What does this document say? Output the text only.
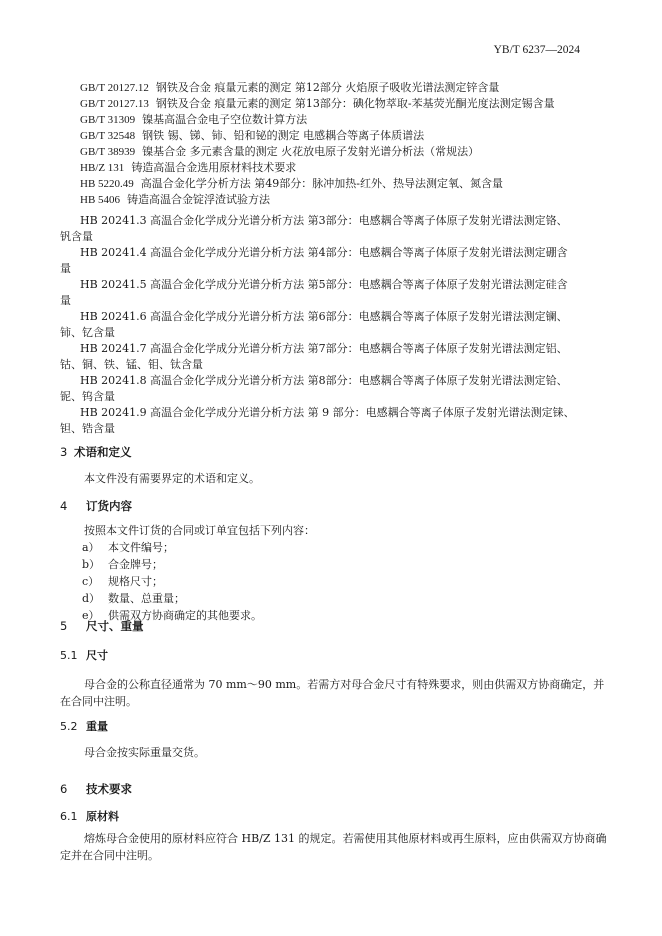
YB/T 6237—2024
GB/T 20127.12 钢铁及合金 痕量元素的测定 第12部分 火焰原子吸收光谱法测定锌含量
GB/T 20127.13 钢铁及合金 痕量元素的测定 第13部分：碘化物萃取-苯基荧光酮光度法测定锡含量
GB/T 31309 镍基高温合金电子空位数计算方法
GB/T 32548 钢铁 锡、锑、铈、铅和铋的测定 电感耦合等离子体质谱法
GB/T 38939 镍基合金 多元素含量的测定 火花放电原子发射光谱分析法（常规法）
HB/Z 131 铸造高温合金选用原材料技术要求
HB 5220.49 高温合金化学分析方法 第49部分：脉冲加热-红外、热导法测定氧、氮含量
HB 5406 铸造高温合金锭浮渣试验方法
HB 20241.3 高温合金化学成分光谱分析方法 第3部分：电感耦合等离子体原子发射光谱法测定铬、
钒含量
HB 20241.4 高温合金化学成分光谱分析方法 第4部分：电感耦合等离子体原子发射光谱法测定硼含
量
HB 20241.5 高温合金化学成分光谱分析方法 第5部分：电感耦合等离子体原子发射光谱法测定硅含
量
HB 20241.6 高温合金化学成分光谱分析方法 第6部分：电感耦合等离子体原子发射光谱法测定镧、
铈、钇含量
HB 20241.7 高温合金化学成分光谱分析方法 第7部分：电感耦合等离子体原子发射光谱法测定铝、
钴、铜、铁、锰、钼、钛含量
HB 20241.8 高温合金化学成分光谱分析方法 第8部分：电感耦合等离子体原子发射光谱法测定铪、
铌、钨含量
HB 20241.9 高温合金化学成分光谱分析方法 第 9 部分：电感耦合等离子体原子发射光谱法测定铼、
钽、锆含量
3 术语和定义
本文件没有需要界定的术语和定义。
4 订货内容
按照本文件订货的合同或订单宜包括下列内容：
a） 本文件编号；
b） 合金牌号；
c） 规格尺寸；
d） 数量、总重量；
e） 供需双方协商确定的其他要求。
5 尺寸、重量
5.1 尺寸
母合金的公称直径通常为 70 mm～90 mm。若需方对母合金尺寸有特殊要求，则由供需双方协商确定，并在合同中注明。
5.2 重量
母合金按实际重量交货。
6 技术要求
6.1 原材料
熔炼母合金使用的原材料应符合 HB/Z 131 的规定。若需使用其他原材料或再生原料，应由供需双方协商确定并在合同中注明。
